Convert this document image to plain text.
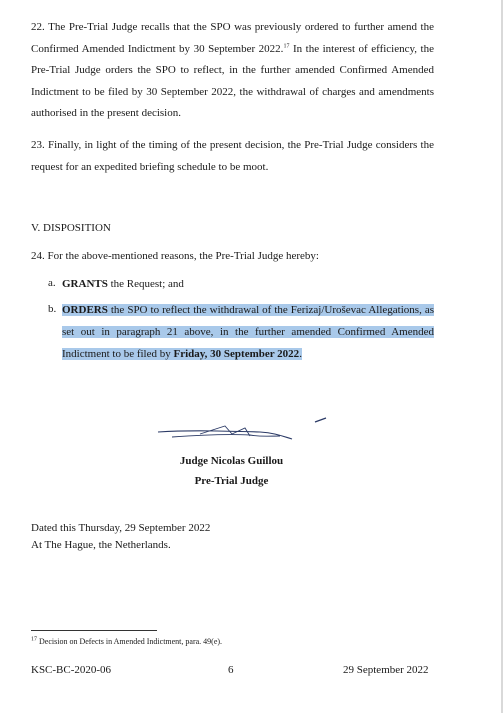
22. The Pre-Trial Judge recalls that the SPO was previously ordered to further amend the Confirmed Amended Indictment by 30 September 2022.17 In the interest of efficiency, the Pre-Trial Judge orders the SPO to reflect, in the further amended Confirmed Amended Indictment to be filed by 30 September 2022, the withdrawal of charges and amendments authorised in the present decision.
23. Finally, in light of the timing of the present decision, the Pre-Trial Judge considers the request for an expedited briefing schedule to be moot.
V. DISPOSITION
24. For the above-mentioned reasons, the Pre-Trial Judge hereby:
a. GRANTS the Request; and
b. ORDERS the SPO to reflect the withdrawal of the Ferizaj/Uroševac Allegations, as set out in paragraph 21 above, in the further amended Confirmed Amended Indictment to be filed by Friday, 30 September 2022.
Judge Nicolas Guillou
Pre-Trial Judge
Dated this Thursday, 29 September 2022
At The Hague, the Netherlands.
$^{17}$ Decision on Defects in Amended Indictment, para. 49(e).
KSC-BC-2020-06	6	29 September 2022
